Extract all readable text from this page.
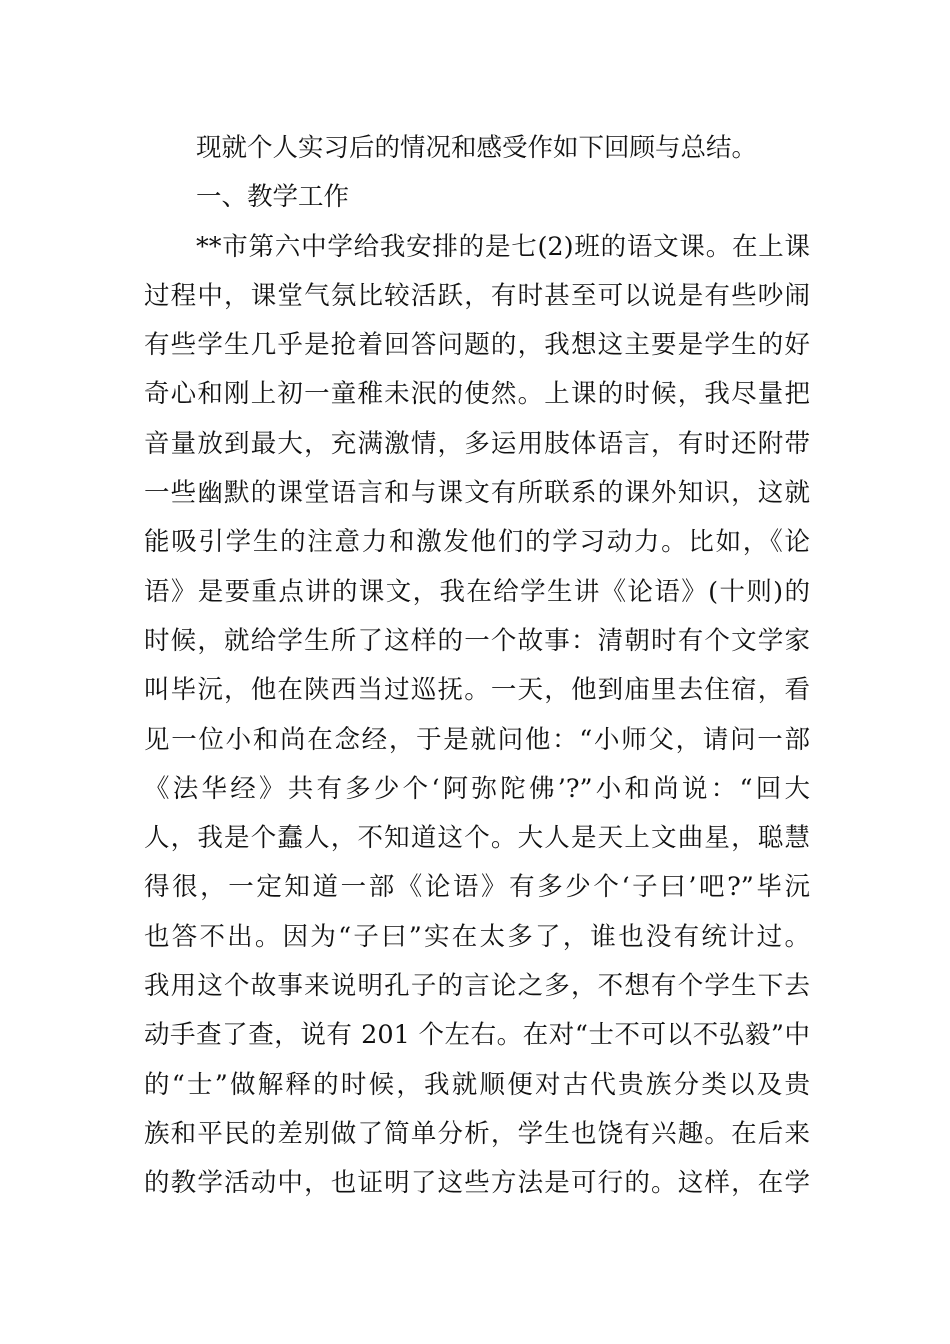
现就个人实习后的情况和感受作如下回顾与总结。
一、教学工作
**市第六中学给我安排的是七(2)班的语文课。在上课
过程中，课堂气氛比较活跃，有时甚至可以说是有些吵闹
有些学生几乎是抢着回答问题的，我想这主要是学生的好
奇心和刚上初一童稚未泯的使然。上课的时候，我尽量把
音量放到最大，充满激情，多运用肢体语言，有时还附带
一些幽默的课堂语言和与课文有所联系的课外知识，这就
能吸引学生的注意力和激发他们的学习动力。比如，《论
语》是要重点讲的课文，我在给学生讲《论语》(十则)的
时候，就给学生所了这样的一个故事：清朝时有个文学家
叫毕沅，他在陕西当过巡抚。一天，他到庙里去住宿，看
见一位小和尚在念经，于是就问他：“小师父，请问一部
《法华经》共有多少个‘阿弥陀佛’?”小和尚说：“回大
人，我是个蠢人，不知道这个。大人是天上文曲星，聪慧
得很，一定知道一部《论语》有多少个‘子曰’吧?”毕沅
也答不出。因为“子曰”实在太多了，谁也没有统计过。
我用这个故事来说明孔子的言论之多，不想有个学生下去
动手查了查，说有 201 个左右。在对“士不可以不弘毅”中
的“士”做解释的时候，我就顺便对古代贵族分类以及贵
族和平民的差别做了简单分析，学生也饶有兴趣。在后来
的教学活动中，也证明了这些方法是可行的。这样，在学
